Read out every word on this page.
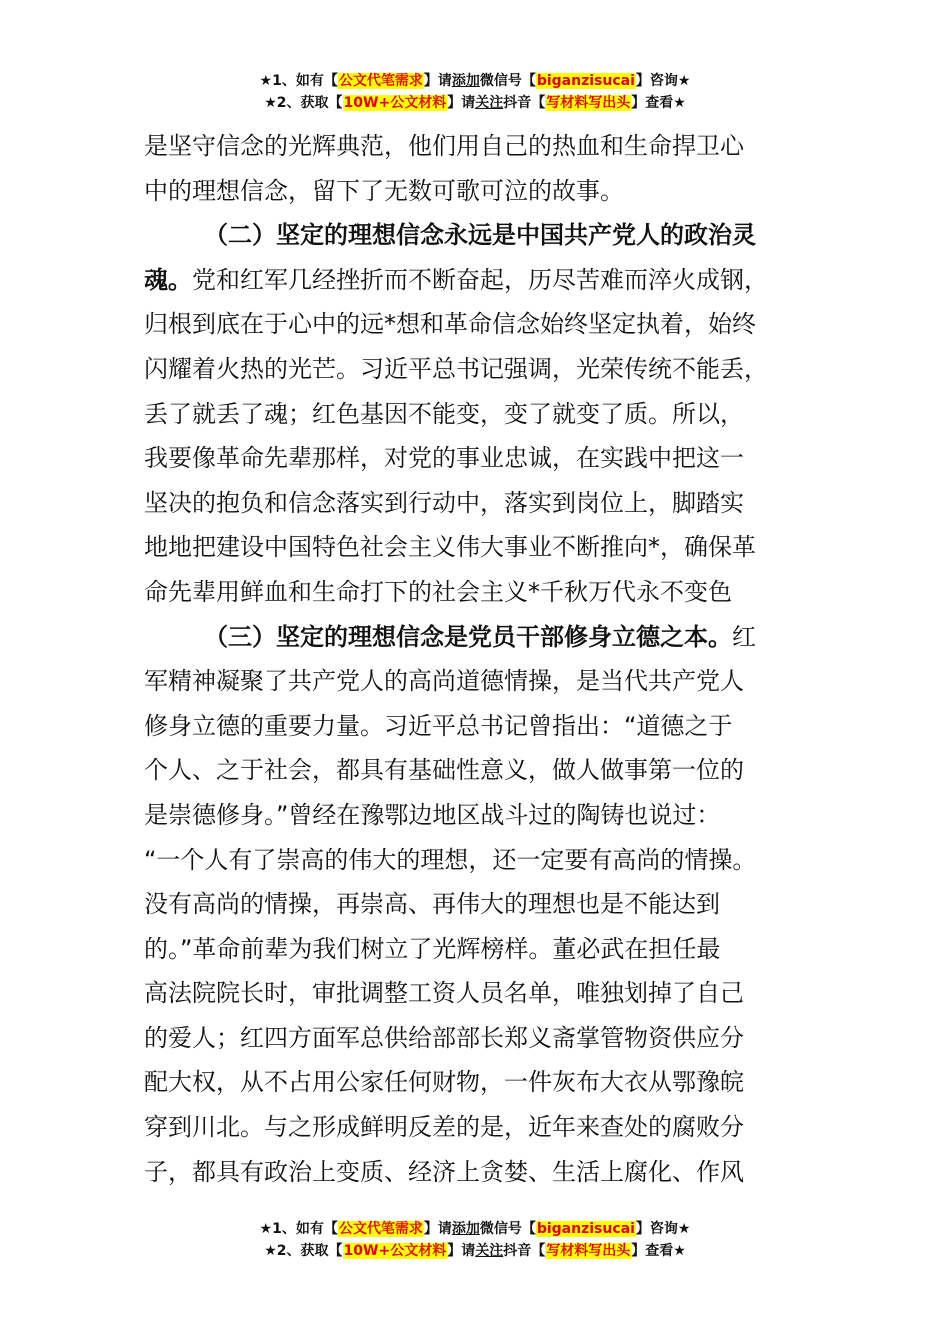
★1、如有【公文代笔需求】请添加微信号【biganzisucai】咨询★
★2、获取【10W+公文材料】请关注抖音【写材料写出头】查看★
是坚守信念的光辉典范，他们用自己的热血和生命捍卫心
中的理想信念，留下了无数可歌可泣的故事。
（二）坚定的理想信念永远是中国共产党人的政治灵
魂。党和红军几经挫折而不断奋起，历尽苦难而淬火成钢，
归根到底在于心中的远*想和革命信念始终坚定执着，始终
闪耀着火热的光芒。习近平总书记强调，光荣传统不能丢，
丢了就丢了魂；红色基因不能变，变了就变了质。所以，
我要像革命先辈那样，对党的事业忠诚，在实践中把这一
坚决的抱负和信念落实到行动中，落实到岗位上，脚踏实
地地把建设中国特色社会主义伟大事业不断推向*，确保革
命先辈用鲜血和生命打下的社会主义*千秋万代永不变色
（三）坚定的理想信念是党员干部修身立德之本。红
军精神凝聚了共产党人的高尚道德情操，是当代共产党人
修身立德的重要力量。习近平总书记曾指出：“道德之于
个人、之于社会，都具有基础性意义，做人做事第一位的
是崇德修身。”曾经在豫鄂边地区战斗过的陶铸也说过：
“一个人有了崇高的伟大的理想，还一定要有高尚的情操。
没有高尚的情操，再崇高、再伟大的理想也是不能达到
的。”革命前辈为我们树立了光辉榜样。董必武在担任最
高法院院长时，审批调整工资人员名单，唯独划掉了自己
的爱人；红四方面军总供给部部长郑义斋掌管物资供应分
配大权，从不占用公家任何财物，一件灰布大衣从鄂豫皖
穿到川北。与之形成鲜明反差的是，近年来查处的腐败分
子，都具有政治上变质、经济上贪婪、生活上腐化、作风
★1、如有【公文代笔需求】请添加微信号【biganzisucai】咨询★
★2、获取【10W+公文材料】请关注抖音【写材料写出头】查看★
